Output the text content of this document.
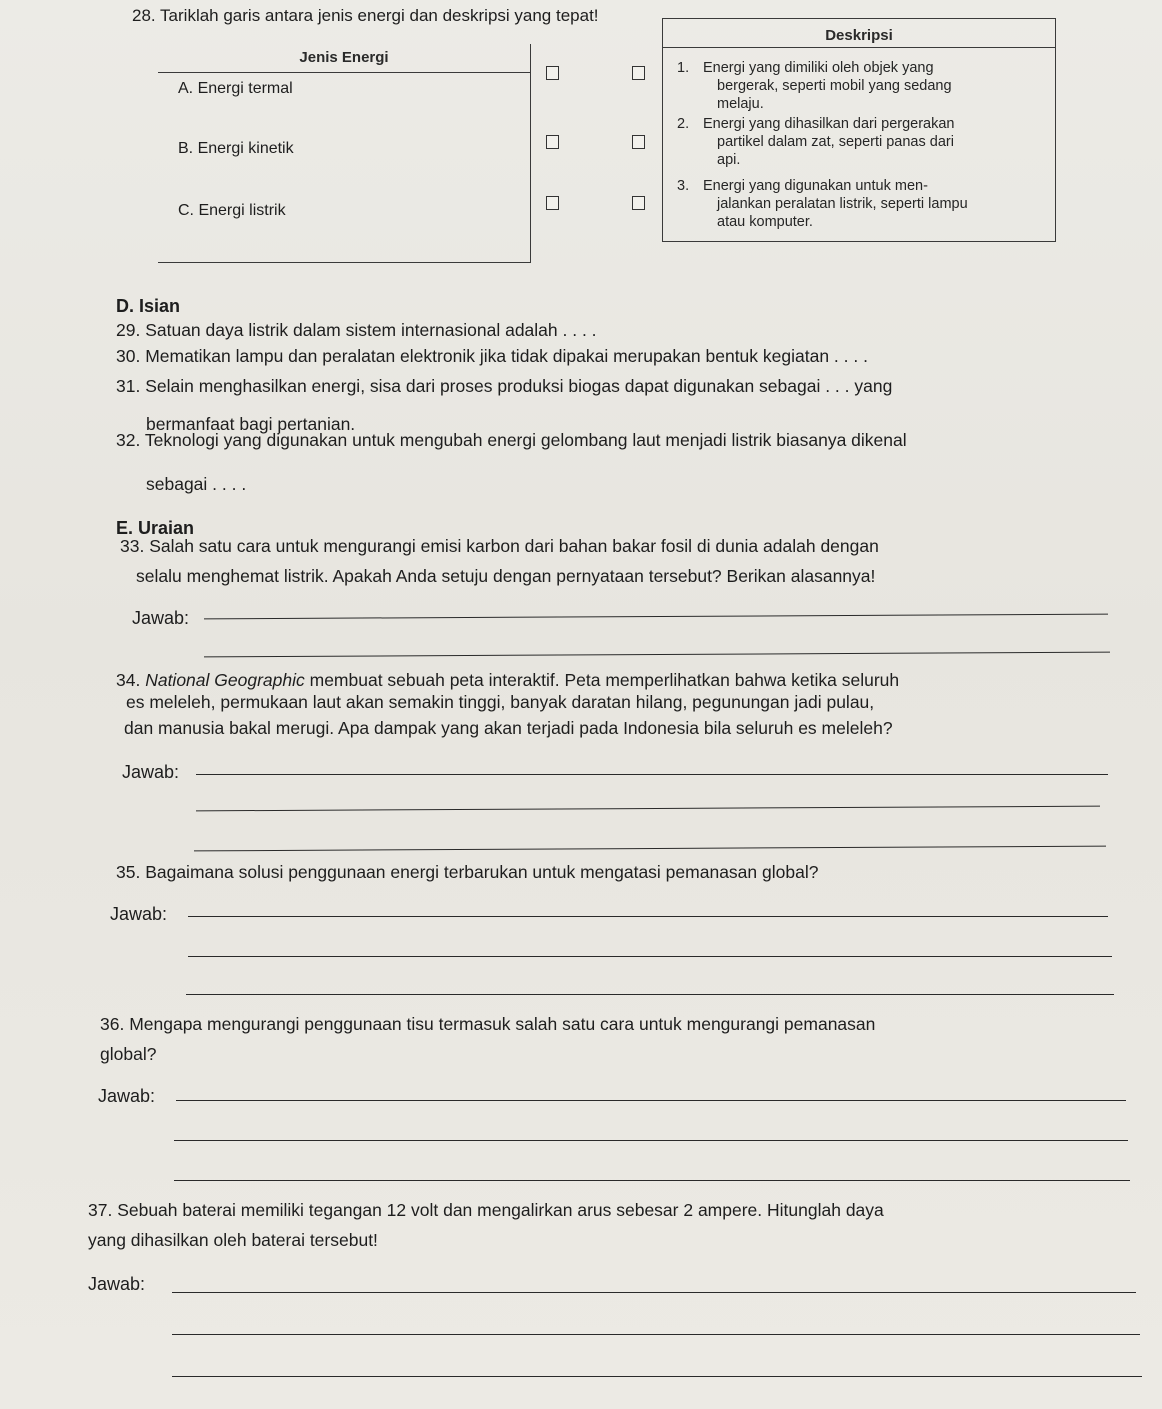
28. Tariklah garis antara jenis energi dan deskripsi yang tepat!
Jenis Energi
A. Energi termal
B. Energi kinetik
C. Energi listrik
Deskripsi
1. Energi yang dimiliki oleh objek yang
bergerak, seperti mobil yang sedang
melaju.
2. Energi yang dihasilkan dari pergerakan
partikel dalam zat, seperti panas dari
api.
3. Energi yang digunakan untuk men-
jalankan peralatan listrik, seperti lampu
atau komputer.
D. Isian
29. Satuan daya listrik dalam sistem internasional adalah . . . .
30. Mematikan lampu dan peralatan elektronik jika tidak dipakai merupakan bentuk kegiatan . . . .
31. Selain menghasilkan energi, sisa dari proses produksi biogas dapat digunakan sebagai . . . yang
bermanfaat bagi pertanian.
32. Teknologi yang digunakan untuk mengubah energi gelombang laut menjadi listrik biasanya dikenal
sebagai . . . .
E. Uraian
33. Salah satu cara untuk mengurangi emisi karbon dari bahan bakar fosil di dunia adalah dengan
selalu menghemat listrik. Apakah Anda setuju dengan pernyataan tersebut? Berikan alasannya!
Jawab:
34. National Geographic membuat sebuah peta interaktif. Peta memperlihatkan bahwa ketika seluruh
es meleleh, permukaan laut akan semakin tinggi, banyak daratan hilang, pegunungan jadi pulau,
dan manusia bakal merugi. Apa dampak yang akan terjadi pada Indonesia bila seluruh es meleleh?
Jawab:
35. Bagaimana solusi penggunaan energi terbarukan untuk mengatasi pemanasan global?
Jawab:
36. Mengapa mengurangi penggunaan tisu termasuk salah satu cara untuk mengurangi pemanasan
global?
Jawab:
37. Sebuah baterai memiliki tegangan 12 volt dan mengalirkan arus sebesar 2 ampere. Hitunglah daya
yang dihasilkan oleh baterai tersebut!
Jawab:
